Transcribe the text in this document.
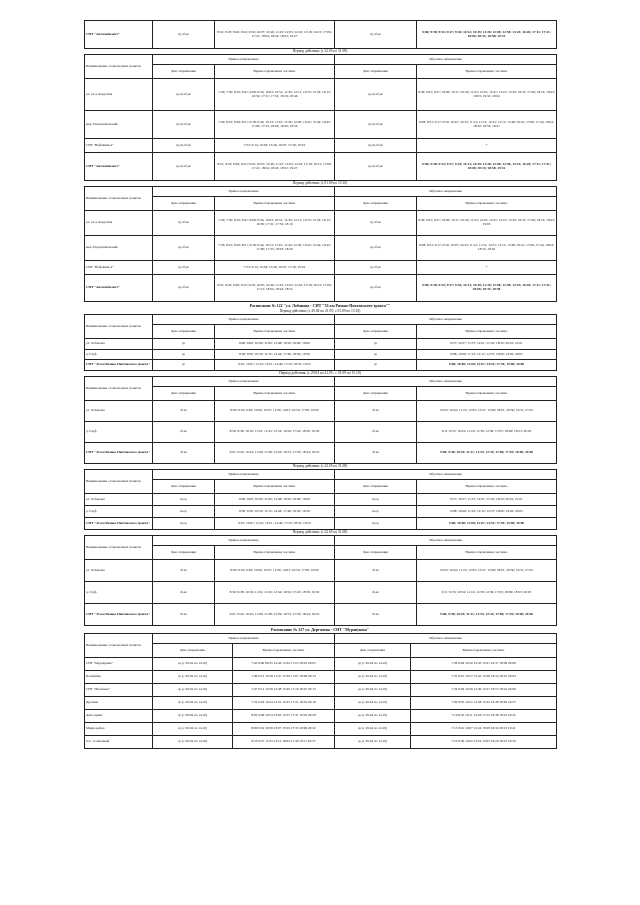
СНТ "Автомобилист"	ср,сб,вс	8:01; 8:23; 8:49; 9:22; 9:59; 10:07; 10:46; 11:25; 12:03; 12:43; 13:18; 16:15; 17:06; 17:21; 18:04; 18:24; 18:52; 19:27	ср,сб,вс	9:06; 9:38; 9:54; 9:27; 9:44; 10:12; 10:49; 11:28; 12:08; 12:58; 13:23; 16:20; 17:11; 17:41; 18:08; 18:33; 18:58; 19:31
Период действия: (с 22.05 по 31.08)
Наименование остановочных пунктов	Прямое направление		Обратное направление	
	Дни отправления	Время отправления, час:мин.	Дни отправления	Время отправления, час:мин.
ул. 21-я Амурская	ср,пт,сб,вс	7:20; 7:50; 8:16; 8:41; 9:08; 9:34; 10:03; 10:51; 11:30; 12:11; 14:53; 15:34; 16:13; 16:50; 17:31; 17:52; 18:19; 18:46	ср,пт,сб,вс	8:39; 9:01; 9:27; 10:00; 10:17; 10:43; 11:22; 12:01; 12:41; 13:21; 15:59; 16:31; 17:40; 18:14; 18:43; 19:03; 19:31; 20:04
мкр. Порцелановский	ср,пт,сб,вс	7:30; 8:01; 8:26; 8:51; 9:18; 9:44; 10:13; 11:01; 11:40; 12:20; 14:42; 15:44; 16:43; 17:00; 17:33; 18:03; 18:29; 18:56	ср,пт,сб,вс	8:28; 8:51; 9:17; 9:50; 10:07; 10:33; 11:12; 11:51; 12:31; 13:11; 15:48; 16:21; 17:09; 17:24; 18:04; 18:32; 18:54; 19:21
СНТ "Нефтяник-2"	ср,пт,сб,вс	7:53; 9:14; 10:36; 15:46; 16:07; 17:36; 19:19	ср,пт,сб,вс	*
СНТ "Автомобилист"	ср,пт,сб,вс	8:01; 8:23; 8:49; 9:22; 9:59; 10:07; 10:46; 11:25; 12:03; 12:43; 13:18; 16:15; 17:06; 17:21; 18:04; 18:24; 18:52; 19:27	ср,пт,сб,вс	9:06; 9:38; 9:54; 9:27; 9:44; 10:12; 10:49; 11:28; 12:08; 12:58; 13:23; 16:20; 17:11; 17:41; 18:08; 18:33; 18:58; 19:31
Период действия: (с 01.09 по 15.10)
Наименование остановочных пунктов	Прямое направление		Обратное направление	
	Дни отправления	Время отправления, час:мин.	Дни отправления	Время отправления, час:мин.
ул. 21-я Амурская	ср,сб,вс	7:20; 7:50; 8:16; 8:41; 9:08; 9:34; 10:03; 10:51; 11:30; 12:11; 14:53; 15:34; 16:13; 16:50; 17:31; 17:52; 18:19	ср,сб,вс	8:39; 9:01; 9:27; 10:00; 10:17; 10:43; 11:22; 12:01; 12:41; 13:21; 15:59; 16:31; 17:40; 18:14; 18:43; 19:03
мкр. Порцелановский	ср,сб,вс	7:30; 8:01; 8:26; 8:51; 9:18; 9:44; 10:13; 11:01; 11:40; 12:20; 14:42; 15:44; 16:43; 17:00; 17:33; 18:03; 18:29	ср,сб,вс	8:28; 8:51; 9:17; 9:50; 10:07; 10:33; 11:12; 11:51; 12:31; 13:11; 15:48; 16:21; 17:09; 17:24; 18:04; 18:32; 18:54
СНТ "Нефтяник-2"	ср,сб,вс	7:53; 9:14; 10:36; 15:46; 16:07; 17:36; 19:19	ср,сб,вс	*
СНТ "Автомобилист"	ср,сб,вс	8:01; 8:23; 8:49; 9:22; 9:59; 10:07; 10:46; 11:25; 12:03; 12:43; 13:18; 16:15; 17:06; 17:21; 18:04; 18:24; 18:52	ср,сб,вс	9:06; 9:38; 9:54; 9:27; 9:44; 10:12; 10:49; 11:28; 12:08; 12:58; 13:23; 16:20; 17:11; 17:41; 18:08; 18:33; 18:58
Расписание № 122 "ул. Лобанова - СНТ "33 км Рязано-Пихтовского тракта""
Период действия: (с 29.04 по 21.05; с 01.09 по 15.10)
Наименование остановочных пунктов	Прямое направление		Обратное направление	
	Дни отправления	Время отправления, час:мин.	Дни отправления	Время отправления, час:мин.
ул. Лобанова	ср	8:00; 9:00; 10:00; 11:00; 13:48; 16:50; 18:00; 19:00	ср	9:57; 10:57; 11:57; 12:01; 15:32; 18:50; 20:01; 21:01
д. Гауф	ср	8:50; 9:50; 10:50; 11:35; 14:44; 17:46; 18:50; 19:50	ср	9:08; 10:08; 11:10; 12:12; 14:37; 18:00; 19:02; 20:05
СНТ "33 км Рязано-Пихтовского тракта"	ср	9:01; 10:01; 11:01; 12:01; 14:49; 17:50; 18:55; 19:55	ср	9:08; 10:08; 11:08; 12:07; 14:52; 17:55; 19:00; 20:00
Период действия: (с 29.04 по 21.05 ; с 01.09 по 15.10)
Наименование остановочных пунктов	Прямое направление		Обратное направление	
	Дни отправления	Время отправления, час:мин.	Дни отправления	Время отправления, час:мин.
ул. Лобанова	сб,вс	8:00; 8:43; 9:29; 10:09; 10:47; 11:29; 14:01; 16:54; 17:50; 19:00	сб,вс	10:03; 10:42; 11:23; 12:05; 12:47; 13:28; 18:01; 18:56; 19:51; 21:01
д. Гауф	сб,вс	8:56; 9:38; 10:19; 11:01; 11:43; 12:34; 16:50; 17:43; 18:39; 19:50	сб,вс	9:11; 9:53; 10:34; 11:16; 11:58; 12:39; 17:05; 18:09; 18:53; 20:05
СНТ "33 км Рязано-Пихтовского тракта"	сб,вс	9:01; 9:43; 10:24; 11:06; 11:48; 12:29; 16:55; 17:50; 18:44; 19:55	сб,вс	9:06; 9:48; 10:29; 11:11; 11:53; 12:34; 17:00; 17:55; 18:50; 20:00
Период действия: (с 22.05 по 31.08)
Наименование остановочных пунктов	Прямое направление		Обратное направление	
	Дни отправления	Время отправления, час:мин.	Дни отправления	Время отправления, час:мин.
ул. Лобанова	вт,ср	8:00; 9:00; 10:00; 11:00; 13:48; 16:50; 18:00; 19:00	вт,ср	9:57; 10:57; 11:57; 12:01; 15:32; 18:50; 20:01; 21:01
д. Гауф	вт,ср	8:50; 9:50; 10:50; 11:35; 14:44; 17:46; 18:50; 19:50	вт,ср	9:08; 10:08; 11:10; 12:12; 14:37; 18:00; 19:02; 20:05
СНТ "33 км Рязано-Пихтовского тракта"	вт,ср	9:01; 10:01; 11:01; 12:01; 14:49; 17:50; 18:55; 19:55	вт,ср	9:08; 10:08; 11:08; 12:07; 14:52; 17:55; 19:00; 20:00
Период действия: (с 22.05 по 31.08)
Наименование остановочных пунктов	Прямое направление		Обратное направление	
	Дни отправления	Время отправления, час:мин.	Дни отправления	Время отправления, час:мин.
ул. Лобанова	сб,вс	8:00; 8:43; 9:29; 10:09; 10:47; 11:29; 14:01; 16:54; 17:50; 19:00	сб,вс	10:03; 10:42; 11:23; 12:05; 12:47; 13:28; 18:01; 18:56; 19:51; 21:01
д. Гауф	сб,вс	8:56; 9:38; 10:19; 11:01; 11:43; 12:34; 16:50; 17:43; 18:39; 19:50	сб,вс	9:11; 9:53; 10:34; 11:16; 11:58; 12:39; 17:05; 18:09; 18:53; 20:05
СНТ "33 км Рязано-Пихтовского тракта"	сб,вс	9:01; 9:43; 10:24; 11:06; 11:48; 12:29; 16:55; 17:50; 18:44; 19:55	сб,вс	9:06; 9:48; 10:29; 11:11; 11:53; 12:34; 17:00; 17:55; 18:50; 20:00
Расписание № 127 ул. Дергачева - СНТ "Муравушка"
Наименование остановочных пунктов	Прямое направление		Обратное направление	
	Дни отправления	Время отправления, час:мин.	Дни отправления	Время отправления, час:мин.
СНТ "Муравушка"	ср (с 29.04 по 14.10)	7:43 9:00 09:35 12:44 13:34 17:03 18:43 20:05	ср (с 29.04 по 14.10)	7:36 9:04 10:30 12:43 15:21 16:37 18:38 20:08
Кладбище	ср (с 29.04 по 14.10)	7:49 9:12 10:28 12:47 15:39 17:07 18:48 20:13	ср (с 29.04 по 14.10)	7:35 9:01 10:27 12:43 15:28 16:54 18:25 20:04
СНТ "Яблонька"	ср (с 29.04 по 14.10)	7:47 9:12 10:30 12:48 15:46 17:16 18:47 20:13	ср (с 29.04 по 14.10)	7:34 9:04 10:26 12:49 15:27 16:53 18:24 20:06
Дрезина	ср (с 29.04 по 14.10)	7:52 9:18 10:44 12:52 15:45 17:21 18:52 20:18	ср (с 29.04 по 14.10)	7:30 8:55 10:21 12:38 15:22 16:48 18:20 19:55
Автосервис	ср (с 29.04 по 14.10)	8:02 9:28 10:54 13:03 15:55 17:31 19:02 20:28	ср (с 29.04 по 14.10)	7:19 8:45 10:11 12:26 15:12 16:38 18:10 19:45
Микрорайон	ср (с 29.04 по 14.10)	8:06 9:32 10:58 13:07 15:59 17:35 19:06 20:32	ср (с 29.04 по 14.10)	7:15 8:41 10:07 12:24 15:08 16:34 18:13 19:41
пос. Солнечный	ср (с 29.04 по 14.10)	8:10 9:37 11:03 13:12 16:04 17:40 19:11 20:37	ср (с 29.04 по 14.10)	7:10 8:36 10:02 12:19 15:03 16:29 18:10 19:36
